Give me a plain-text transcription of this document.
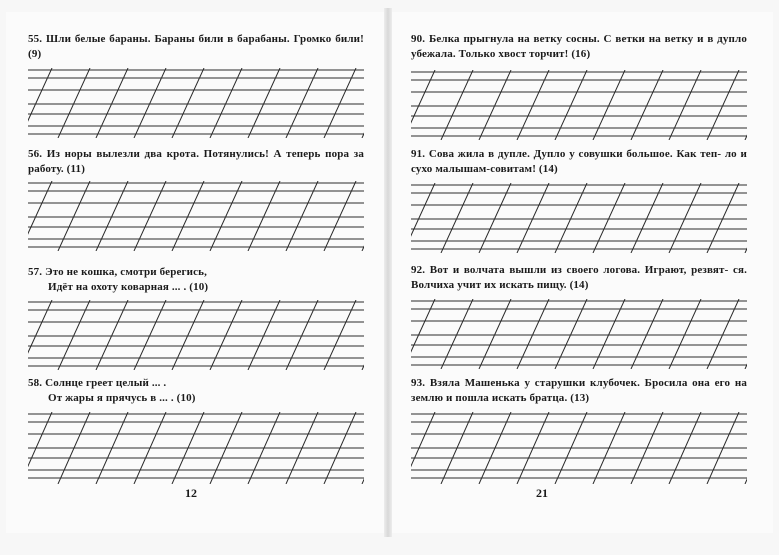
55. Шли белые бараны. Бараны били в барабаны. Громко били! (9)
56. Из норы вылезли два крота. Потянулись! А теперь пора за работу. (11)
57. Это не кошка, смотри берегись,
Идёт на охоту коварная ... . (10)
58. Солнце греет целый ... .
От жары я прячусь в ... . (10)
12
90. Белка прыгнула на ветку сосны. С ветки на ветку и в дупло убежала. Только хвост торчит! (16)
91. Сова жила в дупле. Дупло у совушки большое. Как теп- ло и сухо малышам-совитам! (14)
92. Вот и волчата вышли из своего логова. Играют, резвят- ся. Волчиха учит их искать пищу. (14)
93. Взяла Машенька у старушки клубочек. Бросила она его на землю и пошла искать братца. (13)
21
